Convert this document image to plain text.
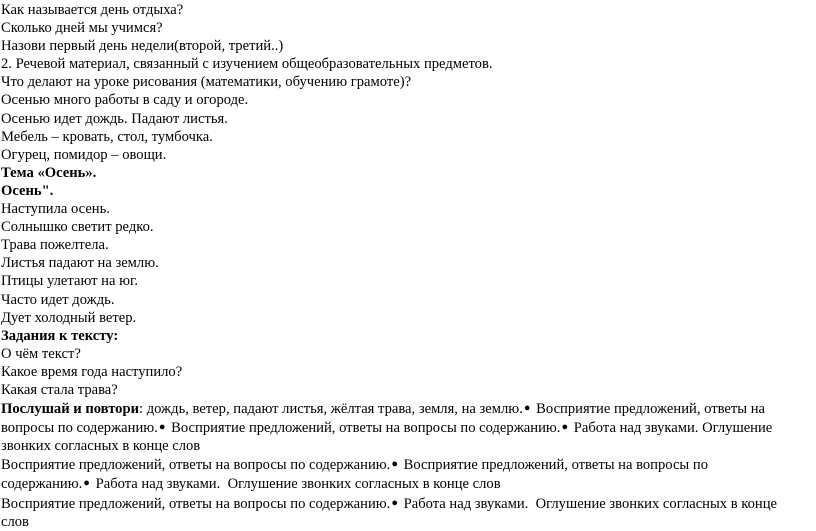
Как называется день отдыха?
Сколько дней мы учимся?
Назови первый день недели(второй, третий..)
2. Речевой материал, связанный с изучением общеобразовательных предметов.
Что делают на уроке рисования (математики, обучению грамоте)?
Осенью много работы в саду и огороде.
Осенью идет дождь. Падают листья.
Мебель – кровать, стол, тумбочка.
Огурец, помидор – овощи.
Тема «Осень».
Осень".
Наступила осень.
Солнышко светит редко.
Трава пожелтела.
Листья падают на землю.
Птицы улетают на юг.
Часто идет дождь.
Дует холодный ветер.
Задания к тексту:
О чём текст?
Какое время года наступило?
Какая стала трава?
Послушай и повтори: дождь, ветер, падают листья, жёлтая трава, земля, на землю.● Восприятие предложений, ответы на вопросы по содержанию.● Восприятие предложений, ответы на вопросы по содержанию.● Работа над звуками. Оглушение звонких согласных в конце слов
Восприятие предложений, ответы на вопросы по содержанию.● Восприятие предложений, ответы на вопросы по содержанию.● Работа над звуками. Оглушение звонких согласных в конце слов
Восприятие предложений, ответы на вопросы по содержанию.● Работа над звуками. Оглушение звонких согласных в конце слов
